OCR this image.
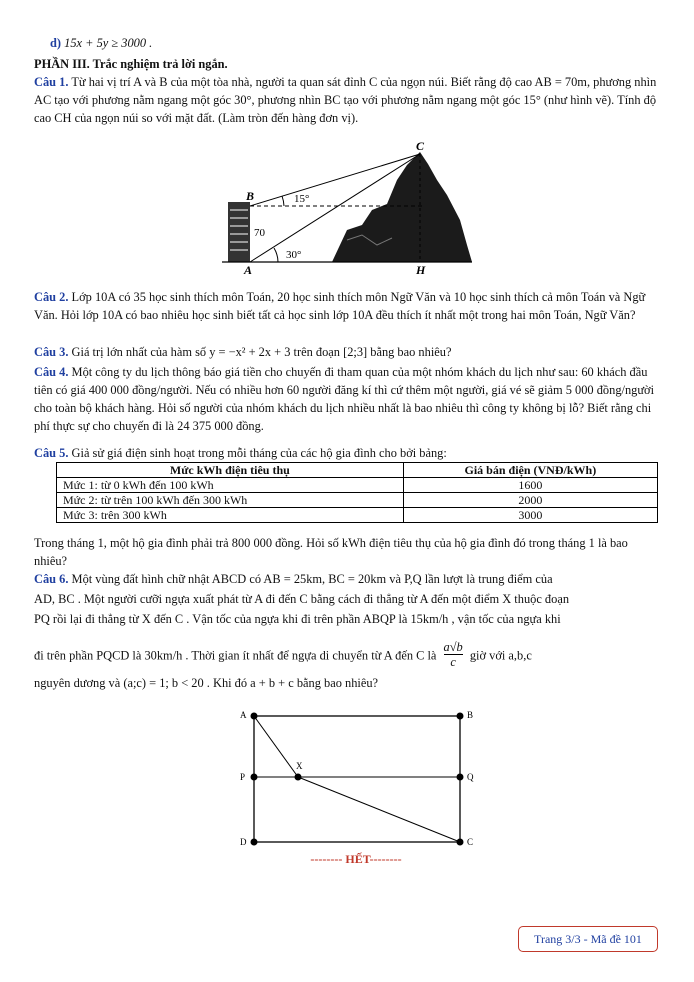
d) 15x + 5y ≥ 3000 .
PHẦN III. Trắc nghiệm trả lời ngắn.
Câu 1. Từ hai vị trí A và B của một tòa nhà, người ta quan sát đỉnh C của ngọn núi. Biết rằng độ cao AB = 70m, phương nhìn AC tạo với phương nằm ngang một góc 30°, phương nhìn BC tạo với phương nằm ngang một góc 15° (như hình vẽ). Tính độ cao CH của ngọn núi so với mặt đất. (Làm tròn đến hàng đơn vị).
C
B
A	H
15°
30°
70
Câu 2. Lớp 10A có 35 học sinh thích môn Toán, 20 học sinh thích môn Ngữ Văn và 10 học sinh thích cả môn Toán và Ngữ Văn. Hỏi lớp 10A có bao nhiêu học sinh biết tất cả học sinh lớp 10A đều thích ít nhất một trong hai môn Toán, Ngữ Văn?
Câu 3. Giá trị lớn nhất của hàm số y = −x² + 2x + 3 trên đoạn [2;3] bằng bao nhiêu?
Câu 4. Một công ty du lịch thông báo giá tiền cho chuyến đi tham quan của một nhóm khách du lịch như sau: 60 khách đầu tiên có giá 400 000 đồng/người. Nếu có nhiều hơn 60 người đăng kí thì cứ thêm một người, giá vé sẽ giảm 5 000 đồng/người cho toàn bộ khách hàng. Hỏi số người của nhóm khách du lịch nhiều nhất là bao nhiêu thì công ty không bị lỗ? Biết rằng chi phí thực sự cho chuyến đi là 24 375 000 đồng.
Câu 5. Giả sử giá điện sinh hoạt trong mỗi tháng của các hộ gia đình cho bởi bảng:
Mức kWh điện tiêu thụ	Giá bán điện (VNĐ/kWh)
Mức 1: từ 0 kWh đến 100 kWh	1600
Mức 2: từ trên 100 kWh đến 300 kWh	2000
Mức 3: trên 300 kWh	3000
Trong tháng 1, một hộ gia đình phải trả 800 000 đồng. Hỏi số kWh điện tiêu thụ của hộ gia đình đó trong tháng 1 là bao nhiêu?
Câu 6. Một vùng đất hình chữ nhật ABCD có AB = 25km, BC = 20km và P,Q lần lượt là trung điểm của
AD, BC . Một người cưỡi ngựa xuất phát từ A đi đến C bằng cách đi thẳng từ A đến một điểm X thuộc đoạn
PQ rồi lại đi thẳng từ X đến C . Vận tốc của ngựa khi đi trên phần ABQP là 15km/h , vận tốc của ngựa khi
đi trên phần PQCD là 30km/h . Thời gian ít nhất để ngựa di chuyển từ A đến C là $\frac{a√b}{c}$ giờ với a,b,c
nguyên dương và (a;c) = 1; b < 20 . Khi đó a + b + c bằng bao nhiêu?
A	B
P	Q
D	C
X
-------- HẾT--------
Trang 3/3 - Mã đề 101
